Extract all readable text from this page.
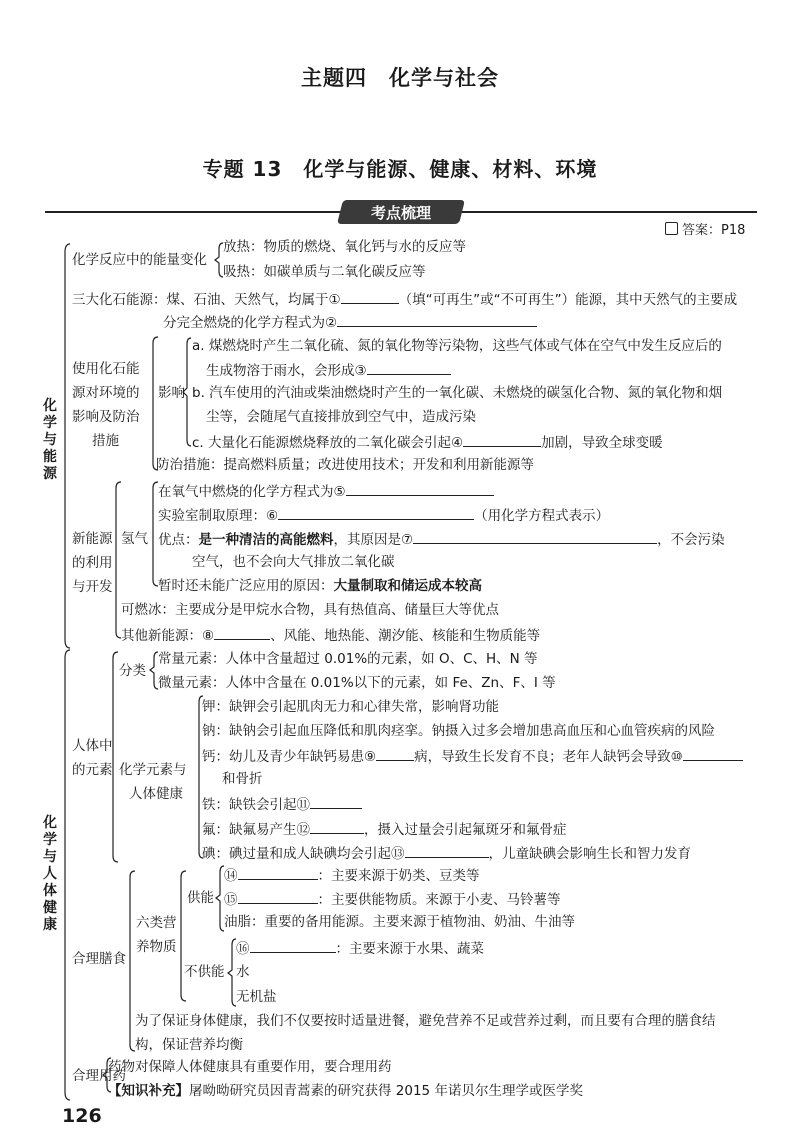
主题四　化学与社会
专题 13　化学与能源、健康、材料、环境
考点梳理
答案：P18
化学与能源
化学与人体健康
化学反应中的能量变化
放热：物质的燃烧、氧化钙与水的反应等
吸热：如碳单质与二氧化碳反应等
三大化石能源：煤、石油、天然气，均属于①	（填“可再生”或“不可再生”）能源，其中天然气的主要成
分完全燃烧的化学方程式为②
使用化石能
源对环境的
影响及防治
措施
影响
a. 煤燃烧时产生二氧化硫、氮的氧化物等污染物，这些气体或气体在空气中发生反应后的
生成物溶于雨水，会形成③
b. 汽车使用的汽油或柴油燃烧时产生的一氧化碳、未燃烧的碳氢化合物、氮的氧化物和烟
尘等，会随尾气直接排放到空气中，造成污染
c. 大量化石能源燃烧释放的二氧化碳会引起④	加剧，导致全球变暖
防治措施：提高燃料质量；改进使用技术；开发和利用新能源等
新能源
的利用
与开发
氢气
在氧气中燃烧的化学方程式为⑤
实验室制取原理：⑥	（用化学方程式表示）
优点：是一种清洁的高能燃料，其原因是⑦	，不会污染
空气，也不会向大气排放二氧化碳
暂时还未能广泛应用的原因：大量制取和储运成本较高
可燃冰：主要成分是甲烷水合物，具有热值高、储量巨大等优点
其他新能源：⑧	、风能、地热能、潮汐能、核能和生物质能等
人体中
的元素
分类
常量元素：人体中含量超过 0.01%的元素，如 O、C、H、N 等
微量元素：人体中含量在 0.01%以下的元素，如 Fe、Zn、F、I 等
化学元素与
人体健康
钾：缺钾会引起肌肉无力和心律失常，影响肾功能
钠：缺钠会引起血压降低和肌肉痉挛。钠摄入过多会增加患高血压和心血管疾病的风险
钙：幼儿及青少年缺钙易患⑨	病，导致生长发育不良；老年人缺钙会导致⑩
和骨折
铁：缺铁会引起⑪
氟：缺氟易产生⑫	，摄入过量会引起氟斑牙和氟骨症
碘：碘过量和成人缺碘均会引起⑬	，儿童缺碘会影响生长和智力发育
合理膳食
六类营
养物质
供能
⑭	：主要来源于奶类、豆类等
⑮	：主要供能物质。来源于小麦、马铃薯等
油脂：重要的备用能源。主要来源于植物油、奶油、牛油等
不供能
⑯	：主要来源于水果、蔬菜
水
无机盐
为了保证身体健康，我们不仅要按时适量进餐，避免营养不足或营养过剩，而且要有合理的膳食结
构，保证营养均衡
合理用药
药物对保障人体健康具有重要作用，要合理用药
【知识补充】屠呦呦研究员因青蒿素的研究获得 2015 年诺贝尔生理学或医学奖
126
